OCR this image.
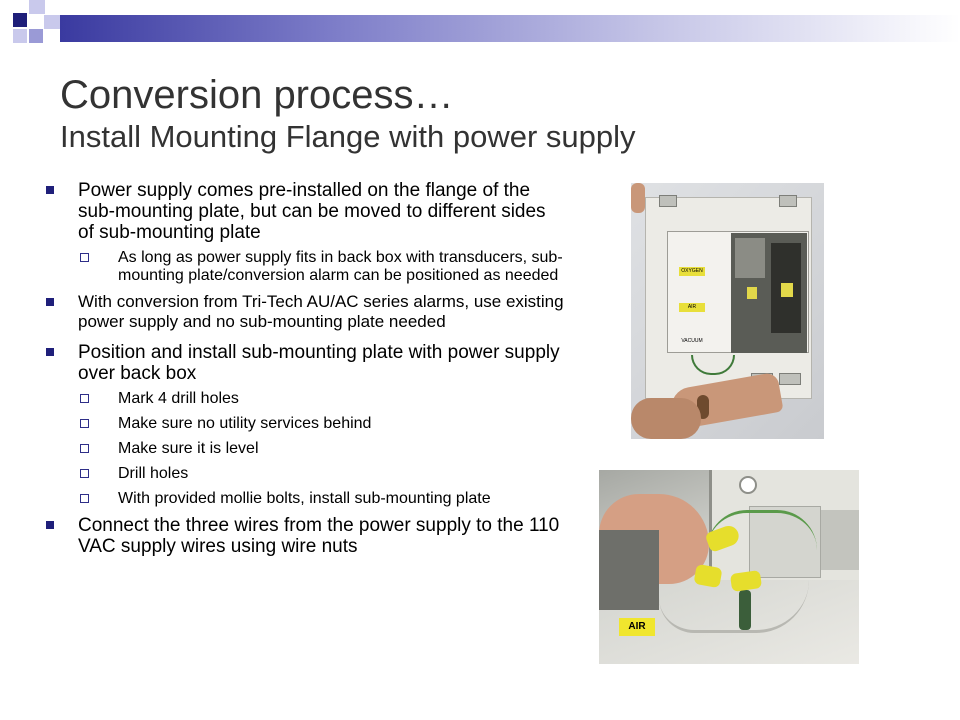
Conversion process…
Install Mounting Flange with power supply
Power supply comes pre-installed on the flange of the sub-mounting plate, but can be moved to different sides of sub-mounting plate
As long as power supply fits in back box with transducers, sub-mounting plate/conversion alarm can be positioned as needed
With conversion from Tri-Tech AU/AC series alarms, use existing power supply and no sub-mounting plate needed
Position and install sub-mounting plate with power supply over back box
Mark 4 drill holes
Make sure no utility services behind
Make sure it is level
Drill holes
With provided mollie bolts, install sub-mounting plate
Connect the three wires from the power supply to the 110 VAC supply wires using wire nuts
OXYGEN
AIR
VACUUM
AIR
